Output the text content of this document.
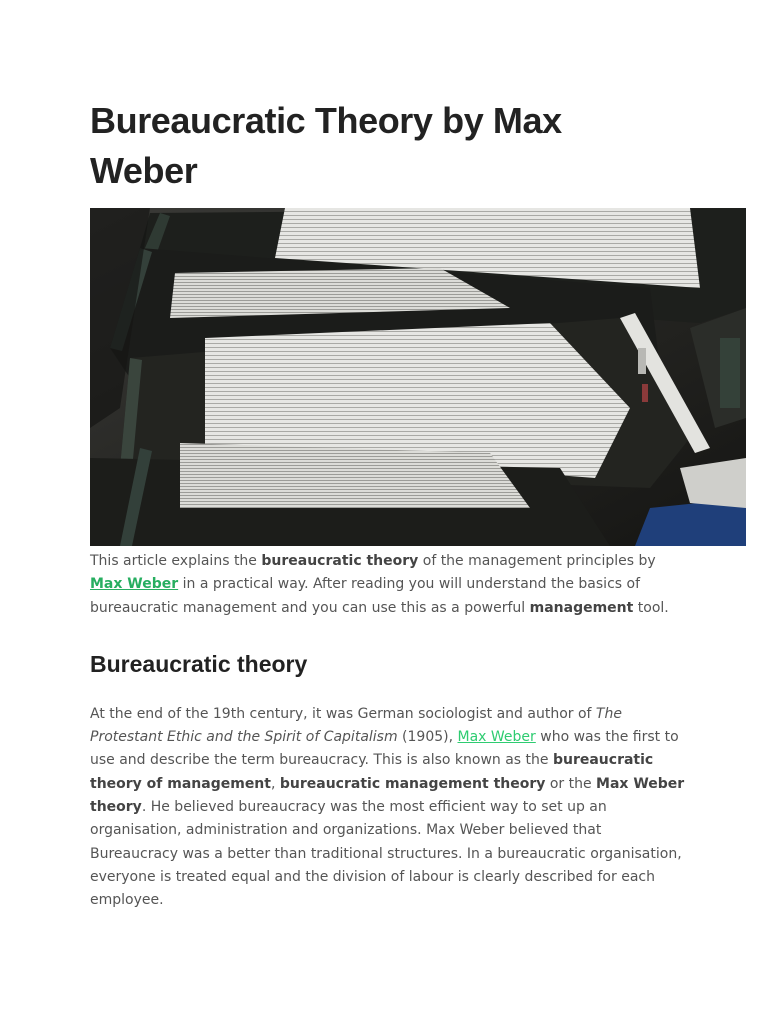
Bureaucratic Theory by Max Weber

This article explains the bureaucratic theory of the management principles by Max Weber in a practical way. After reading you will understand the basics of bureaucratic management and you can use this as a powerful management tool.

Bureaucratic theory

At the end of the 19th century, it was German sociologist and author of The Protestant Ethic and the Spirit of Capitalism (1905), Max Weber who was the first to use and describe the term bureaucracy. This is also known as the bureaucratic theory of management, bureaucratic management theory or the Max Weber theory. He believed bureaucracy was the most efficient way to set up an organisation, administration and organizations. Max Weber believed that Bureaucracy was a better than traditional structures. In a bureaucratic organisation, everyone is treated equal and the division of labour is clearly described for each employee.
